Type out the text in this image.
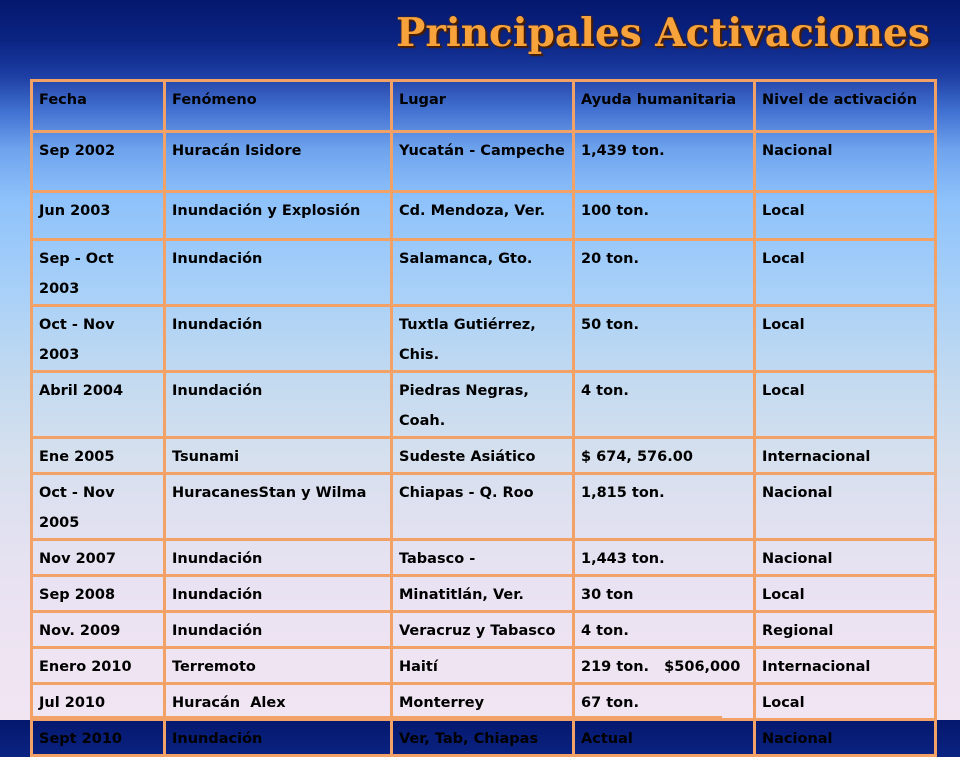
Principales Activaciones
Fecha	Fenómeno	Lugar	Ayuda humanitaria	Nivel de activación
Sep 2002	Huracán Isidore	Yucatán - Campeche	1,439 ton.	Nacional
Jun 2003	Inundación y Explosión	Cd. Mendoza, Ver.	100 ton.	Local
Sep - Oct 2003	Inundación	Salamanca, Gto.	20 ton.	Local
Oct - Nov 2003	Inundación	Tuxtla Gutiérrez, Chis.	50 ton.	Local
Abril 2004	Inundación	Piedras Negras, Coah.	4 ton.	Local
Ene 2005	Tsunami	Sudeste Asiático	$ 674, 576.00	Internacional
Oct - Nov 2005	HuracanesStan y Wilma	Chiapas - Q. Roo	1,815 ton.	Nacional
Nov 2007	Inundación	Tabasco -	1,443 ton.	Nacional
Sep 2008	Inundación	Minatitlán, Ver.	30 ton	Local
Nov. 2009	Inundación	Veracruz y Tabasco	4 ton.	Regional
Enero 2010	Terremoto	Haití	219 ton.   $506,000	Internacional
Jul 2010	Huracán  Alex	Monterrey	67 ton.	Local
Sept 2010	Inundación	Ver, Tab, Chiapas	Actual	Nacional
